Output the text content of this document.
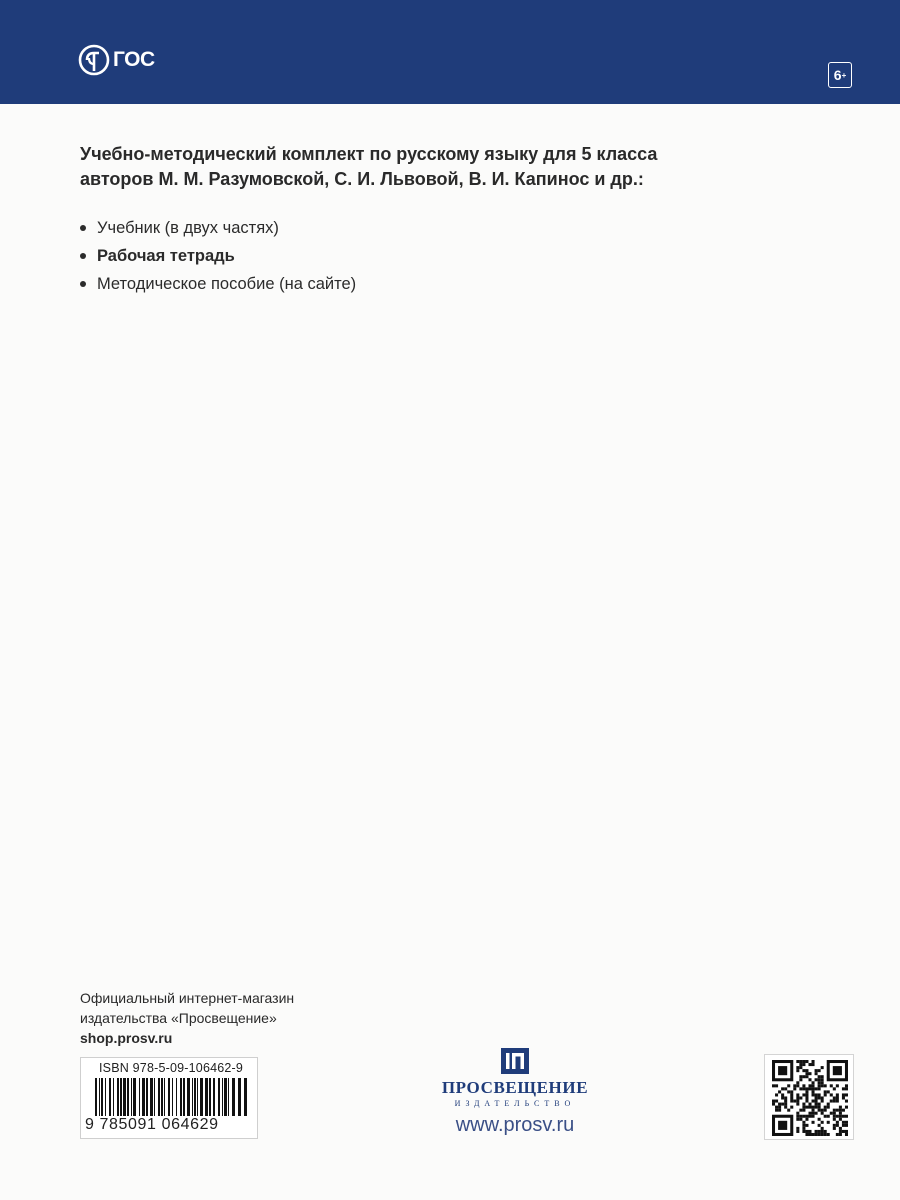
ГОС
6 +
Учебно-методический комплект по русскому языку для 5 класса
авторов М. М. Разумовской, С. И. Львовой, В. И. Капинос и др.:
Учебник (в двух частях)
Рабочая тетрадь
Методическое пособие (на сайте)
Официальный интернет-магазин
издательства «Просвещение»
shop.prosv.ru
ISBN 978-5-09-106462-9
9 785091 064629
ПРОСВЕЩЕНИЕ
ИЗДАТЕЛЬСТВО
www.prosv.ru
